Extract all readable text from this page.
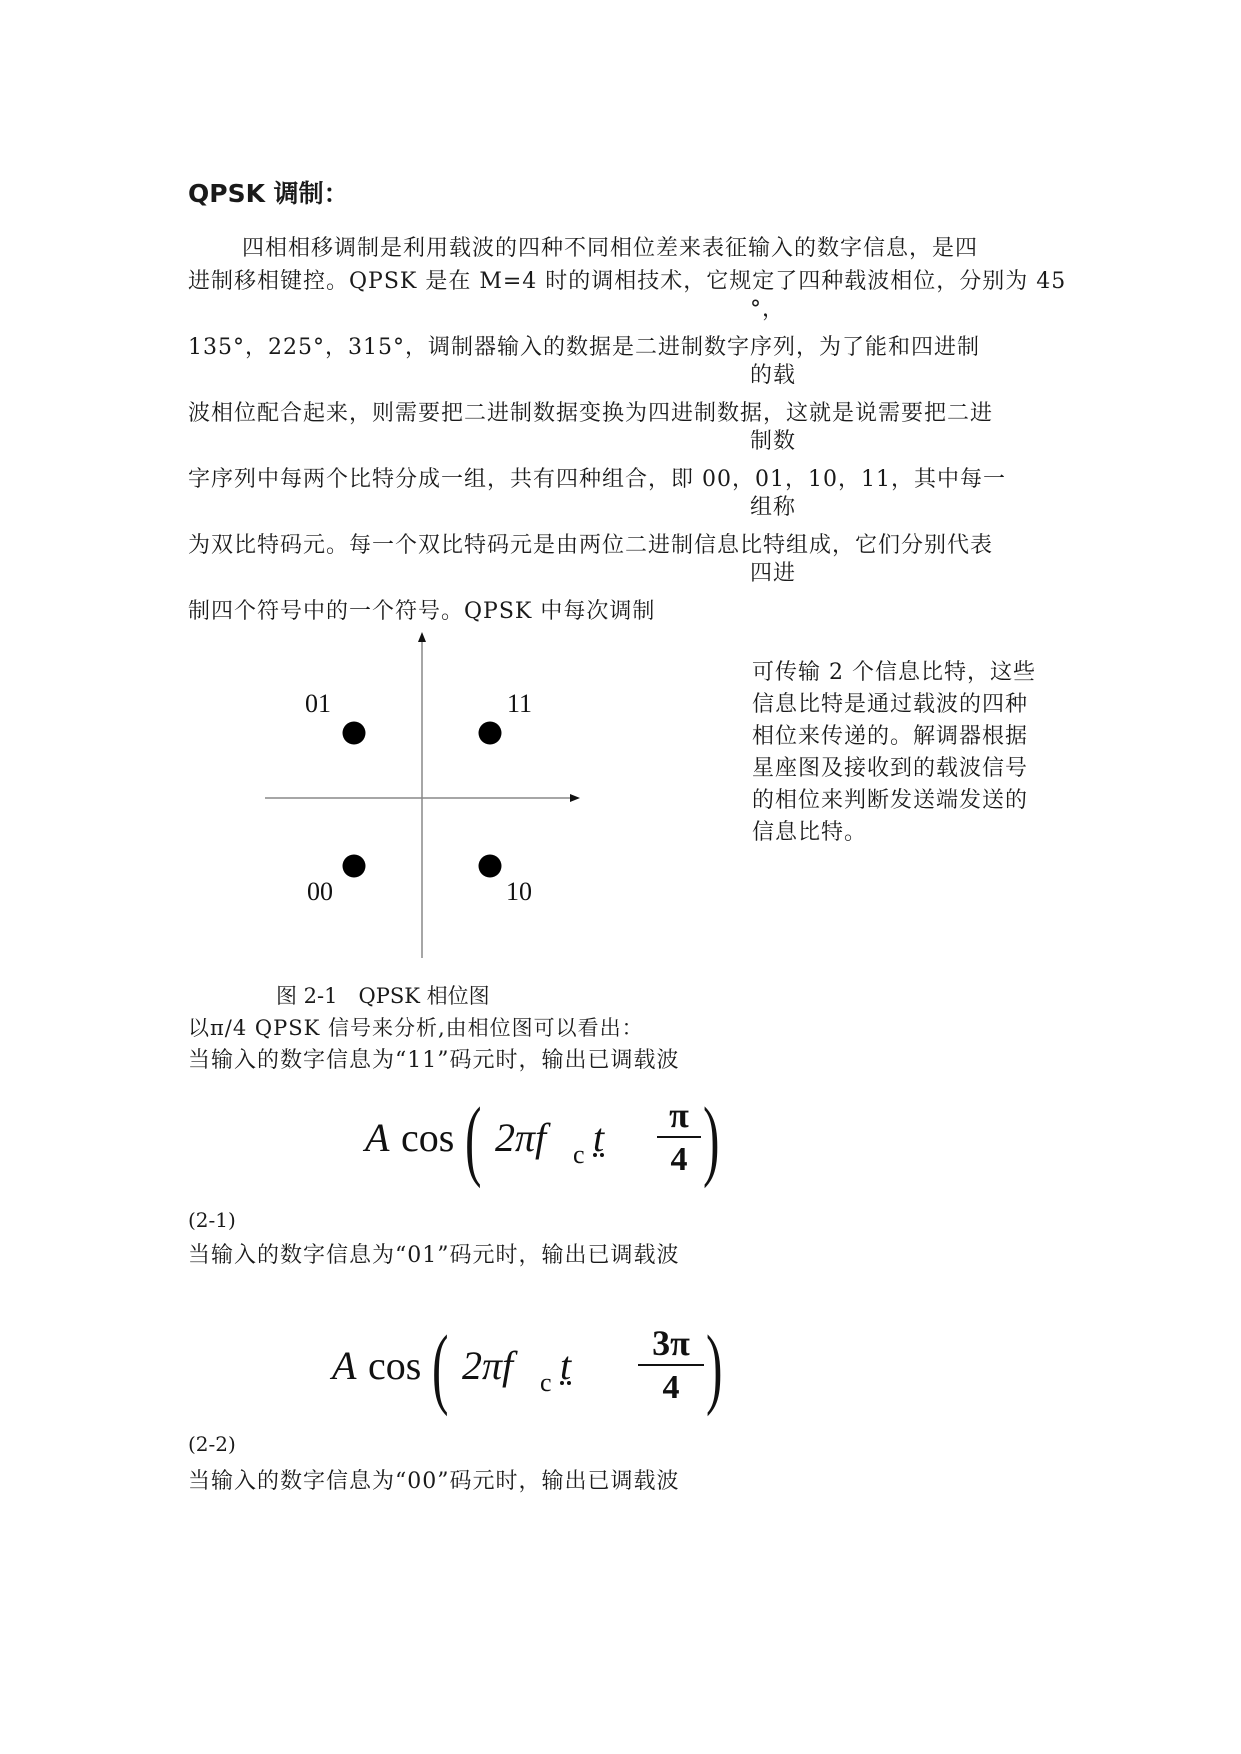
QPSK 调制：
四相相移调制是利用载波的四种不同相位差来表征输入的数字信息，是四
进制移相键控。QPSK 是在 M=4 时的调相技术，它规定了四种载波相位，分别为 45
°，
135°，225°，315°，调制器输入的数据是二进制数字序列，为了能和四进制
的载
波相位配合起来，则需要把二进制数据变换为四进制数据，这就是说需要把二进
制数
字序列中每两个比特分成一组，共有四种组合，即 00，01，10，11，其中每一
组称
为双比特码元。每一个双比特码元是由两位二进制信息比特组成，它们分别代表
四进
制四个符号中的一个符号。QPSK 中每次调制
01	11
00	10
可传输 2 个信息比特，这些
信息比特是通过载波的四种
相位来传递的。解调器根据
星座图及接收到的载波信号
的相位来判断发送端发送的
信息比特。
图 2-1　QPSK 相位图
以π/4 QPSK 信号来分析,由相位图可以看出：
当输入的数字信息为“11”码元时，输出已调载波
A cos ( 2πf c t	π
4 )
(2-1)
当输入的数字信息为“01”码元时，输出已调载波
A cos ( 2πf c t	3π
4 )
(2-2)
当输入的数字信息为“00”码元时，输出已调载波
